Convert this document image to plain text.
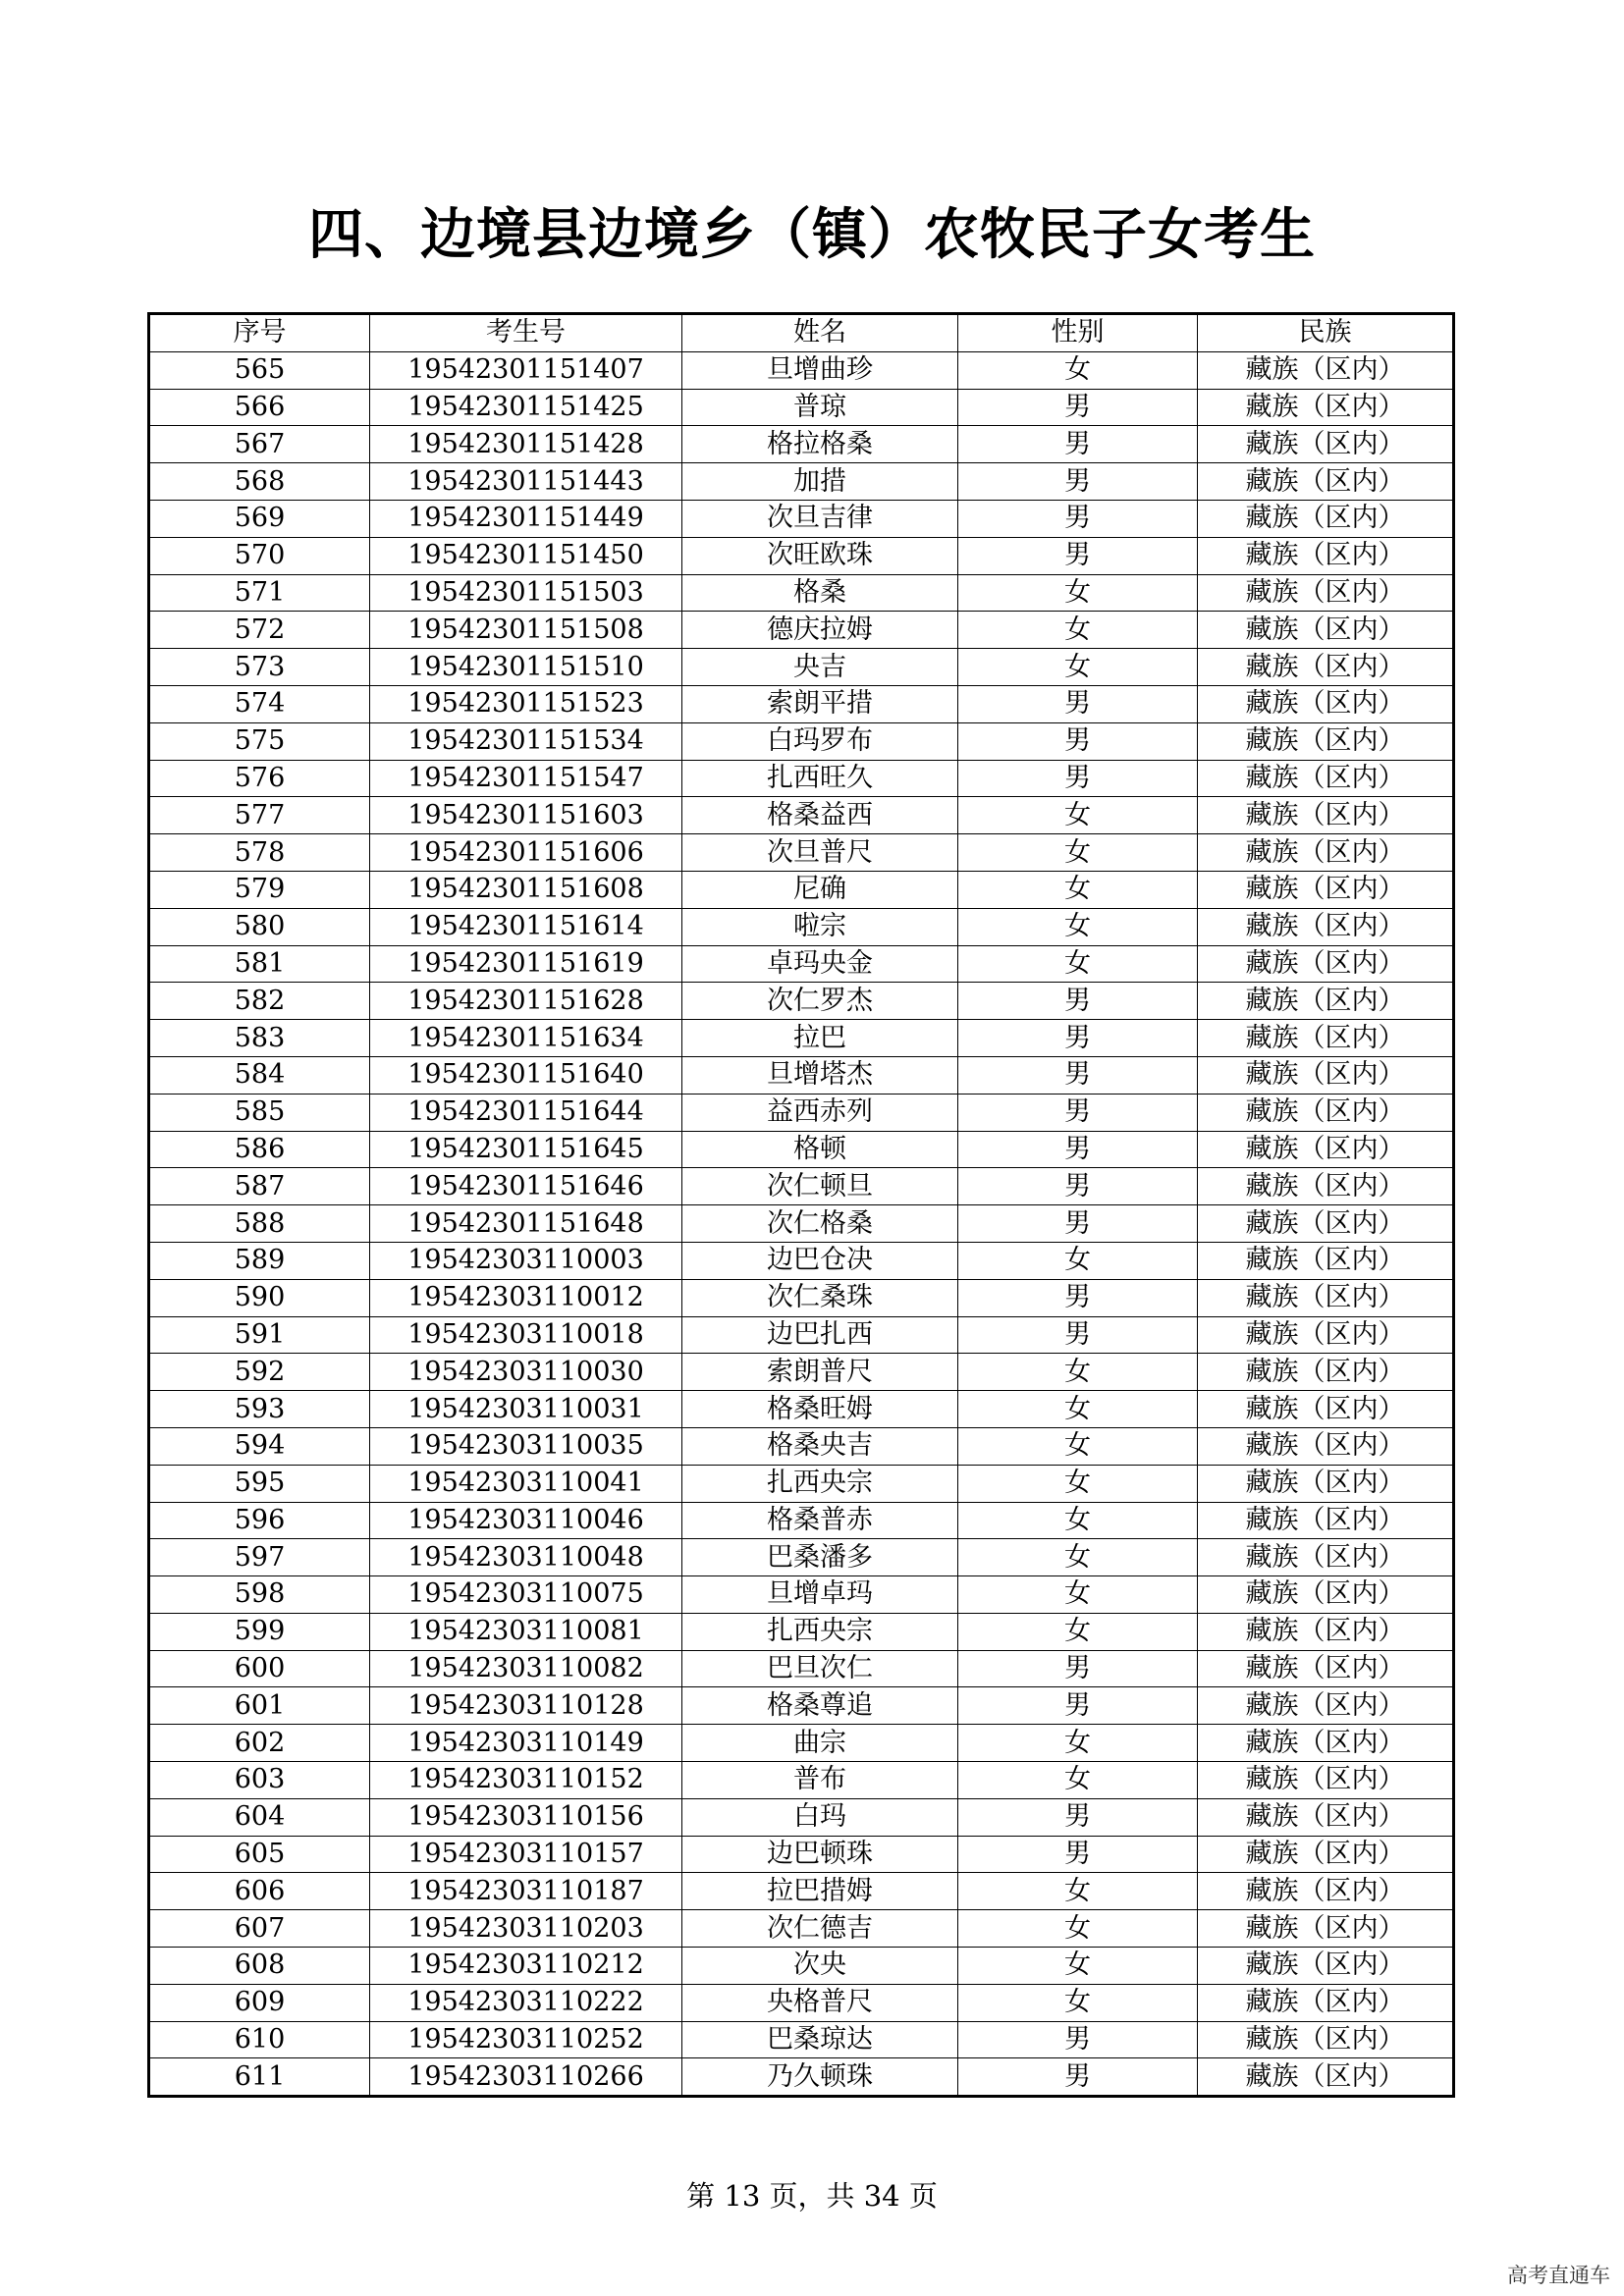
四、边境县边境乡（镇）农牧民子女考生
序号	考生号	姓名	性别	民族
565	19542301151407	旦增曲珍	女	藏族（区内）
566	19542301151425	普琼	男	藏族（区内）
567	19542301151428	格拉格桑	男	藏族（区内）
568	19542301151443	加措	男	藏族（区内）
569	19542301151449	次旦吉律	男	藏族（区内）
570	19542301151450	次旺欧珠	男	藏族（区内）
571	19542301151503	格桑	女	藏族（区内）
572	19542301151508	德庆拉姆	女	藏族（区内）
573	19542301151510	央吉	女	藏族（区内）
574	19542301151523	索朗平措	男	藏族（区内）
575	19542301151534	白玛罗布	男	藏族（区内）
576	19542301151547	扎西旺久	男	藏族（区内）
577	19542301151603	格桑益西	女	藏族（区内）
578	19542301151606	次旦普尺	女	藏族（区内）
579	19542301151608	尼确	女	藏族（区内）
580	19542301151614	啦宗	女	藏族（区内）
581	19542301151619	卓玛央金	女	藏族（区内）
582	19542301151628	次仁罗杰	男	藏族（区内）
583	19542301151634	拉巴	男	藏族（区内）
584	19542301151640	旦增塔杰	男	藏族（区内）
585	19542301151644	益西赤列	男	藏族（区内）
586	19542301151645	格顿	男	藏族（区内）
587	19542301151646	次仁顿旦	男	藏族（区内）
588	19542301151648	次仁格桑	男	藏族（区内）
589	19542303110003	边巴仓决	女	藏族（区内）
590	19542303110012	次仁桑珠	男	藏族（区内）
591	19542303110018	边巴扎西	男	藏族（区内）
592	19542303110030	索朗普尺	女	藏族（区内）
593	19542303110031	格桑旺姆	女	藏族（区内）
594	19542303110035	格桑央吉	女	藏族（区内）
595	19542303110041	扎西央宗	女	藏族（区内）
596	19542303110046	格桑普赤	女	藏族（区内）
597	19542303110048	巴桑潘多	女	藏族（区内）
598	19542303110075	旦增卓玛	女	藏族（区内）
599	19542303110081	扎西央宗	女	藏族（区内）
600	19542303110082	巴旦次仁	男	藏族（区内）
601	19542303110128	格桑尊追	男	藏族（区内）
602	19542303110149	曲宗	女	藏族（区内）
603	19542303110152	普布	女	藏族（区内）
604	19542303110156	白玛	男	藏族（区内）
605	19542303110157	边巴顿珠	男	藏族（区内）
606	19542303110187	拉巴措姆	女	藏族（区内）
607	19542303110203	次仁德吉	女	藏族（区内）
608	19542303110212	次央	女	藏族（区内）
609	19542303110222	央格普尺	女	藏族（区内）
610	19542303110252	巴桑琼达	男	藏族（区内）
611	19542303110266	乃久顿珠	男	藏族（区内）
第 13 页，共 34 页
高考直通车
